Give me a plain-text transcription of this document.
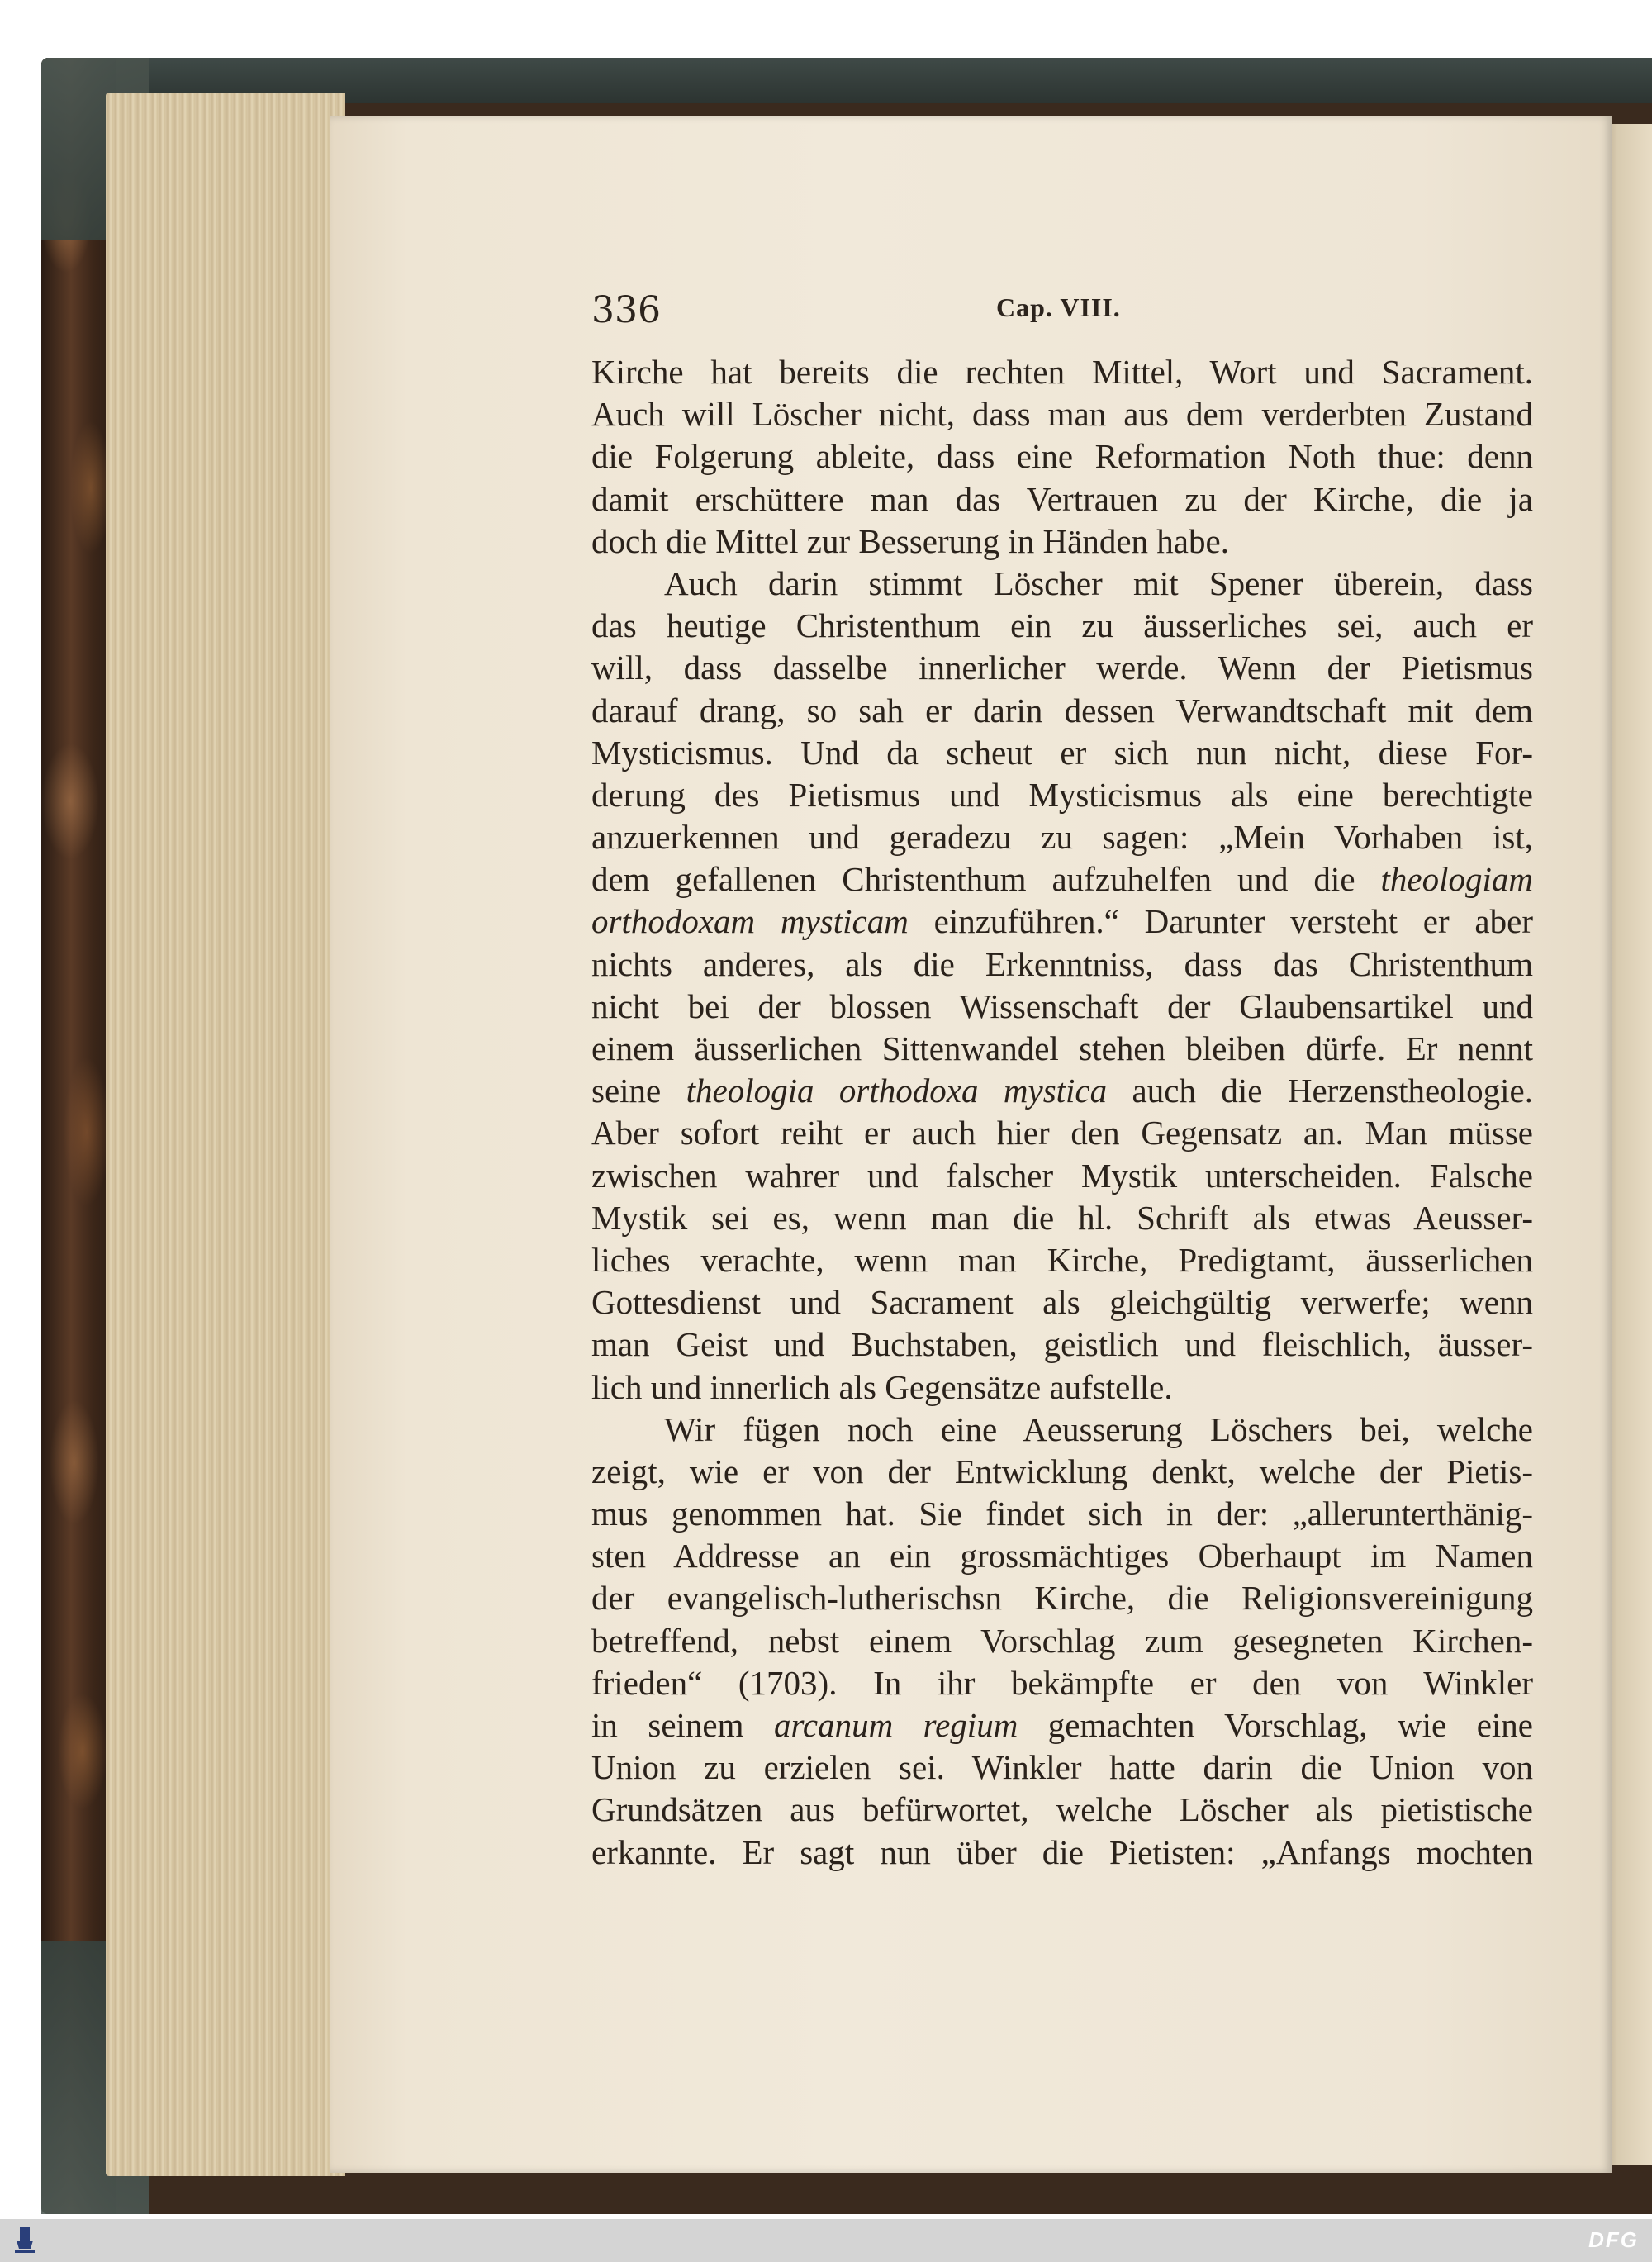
336	Cap. VIII.
Kirche hat bereits die rechten Mittel, Wort und Sacrament.
Auch will Löscher nicht, dass man aus dem verderbten Zustand
die Folgerung ableite, dass eine Reformation Noth thue: denn
damit erschüttere man das Vertrauen zu der Kirche, die ja
doch die Mittel zur Besserung in Händen habe.
Auch darin stimmt Löscher mit Spener überein, dass
das heutige Christenthum ein zu äusserliches sei, auch er
will, dass dasselbe innerlicher werde. Wenn der Pietismus
darauf drang, so sah er darin dessen Verwandtschaft mit dem
Mysticismus. Und da scheut er sich nun nicht, diese For-
derung des Pietismus und Mysticismus als eine berechtigte
anzuerkennen und geradezu zu sagen: „Mein Vorhaben ist,
dem gefallenen Christenthum aufzuhelfen und die theologiam
orthodoxam mysticam einzuführen.“ Darunter versteht er aber
nichts anderes, als die Erkenntniss, dass das Christenthum
nicht bei der blossen Wissenschaft der Glaubensartikel und
einem äusserlichen Sittenwandel stehen bleiben dürfe. Er nennt
seine theologia orthodoxa mystica auch die Herzenstheologie.
Aber sofort reiht er auch hier den Gegensatz an. Man müsse
zwischen wahrer und falscher Mystik unterscheiden. Falsche
Mystik sei es, wenn man die hl. Schrift als etwas Aeusser-
liches verachte, wenn man Kirche, Predigtamt, äusserlichen
Gottesdienst und Sacrament als gleichgültig verwerfe; wenn
man Geist und Buchstaben, geistlich und fleischlich, äusser-
lich und innerlich als Gegensätze aufstelle.
Wir fügen noch eine Aeusserung Löschers bei, welche
zeigt, wie er von der Entwicklung denkt, welche der Pietis-
mus genommen hat. Sie findet sich in der: „allerunterthänig-
sten Addresse an ein grossmächtiges Oberhaupt im Namen
der evangelisch-lutherischsn Kirche, die Religionsvereinigung
betreffend, nebst einem Vorschlag zum gesegneten Kirchen-
frieden“ (1703). In ihr bekämpfte er den von Winkler
in seinem arcanum regium gemachten Vorschlag, wie eine
Union zu erzielen sei. Winkler hatte darin die Union von
Grundsätzen aus befürwortet, welche Löscher als pietistische
erkannte. Er sagt nun über die Pietisten: „Anfangs mochten
DFG
